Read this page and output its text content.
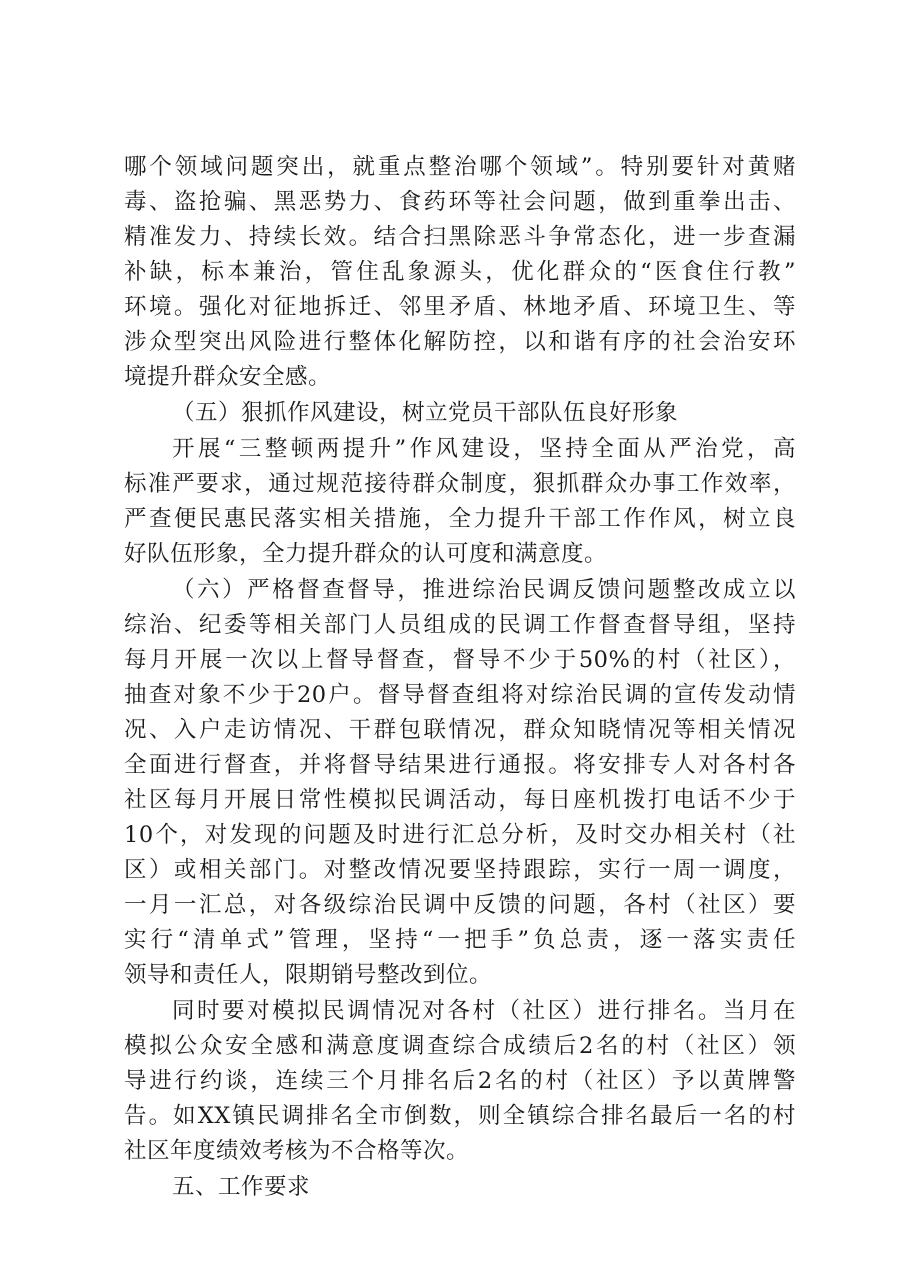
哪个领域问题突出，就重点整治哪个领域”。特别要针对黄赌
毒、盗抢骗、黑恶势力、食药环等社会问题，做到重拳出击、
精准发力、持续长效。结合扫黑除恶斗争常态化，进一步查漏
补缺，标本兼治，管住乱象源头，优化群众的“医食住行教”
环境。强化对征地拆迁、邻里矛盾、林地矛盾、环境卫生、等
涉众型突出风险进行整体化解防控，以和谐有序的社会治安环
境提升群众安全感。
（五）狠抓作风建设，树立党员干部队伍良好形象
开展“三整顿两提升”作风建设，坚持全面从严治党，高
标准严要求，通过规范接待群众制度，狠抓群众办事工作效率，
严查便民惠民落实相关措施，全力提升干部工作作风，树立良
好队伍形象，全力提升群众的认可度和满意度。
（六）严格督查督导，推进综治民调反馈问题整改成立以
综治、纪委等相关部门人员组成的民调工作督查督导组，坚持
每月开展一次以上督导督查，督导不少于50%的村（社区），
抽查对象不少于20户。督导督查组将对综治民调的宣传发动情
况、入户走访情况、干群包联情况，群众知晓情况等相关情况
全面进行督查，并将督导结果进行通报。将安排专人对各村各
社区每月开展日常性模拟民调活动，每日座机拨打电话不少于
10个，对发现的问题及时进行汇总分析，及时交办相关村（社
区）或相关部门。对整改情况要坚持跟踪，实行一周一调度，
一月一汇总，对各级综治民调中反馈的问题，各村（社区）要
实行“清单式”管理，坚持“一把手”负总责，逐一落实责任
领导和责任人，限期销号整改到位。
同时要对模拟民调情况对各村（社区）进行排名。当月在
模拟公众安全感和满意度调查综合成绩后2名的村（社区）领
导进行约谈，连续三个月排名后2名的村（社区）予以黄牌警
告。如XX镇民调排名全市倒数，则全镇综合排名最后一名的村
社区年度绩效考核为不合格等次。
五、工作要求
